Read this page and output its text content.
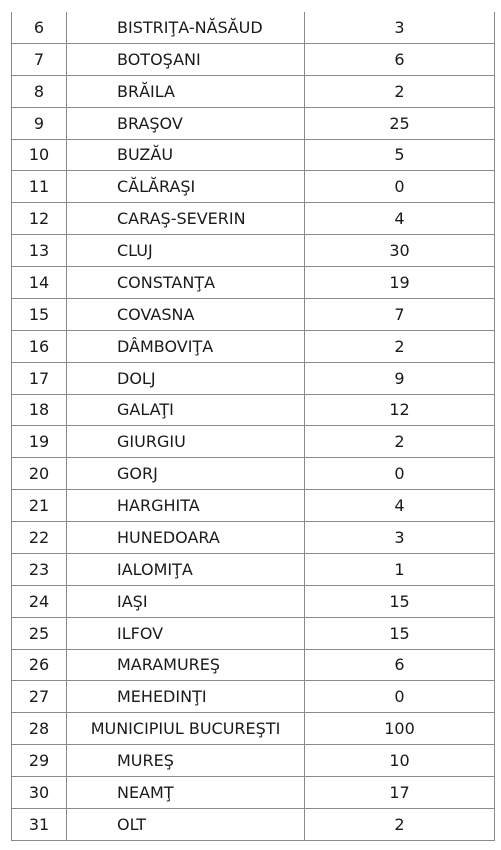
6	BISTRIŢA-NĂSĂUD	3
7	BOTOŞANI	6
8	BRĂILA	2
9	BRAŞOV	25
10	BUZĂU	5
11	CĂLĂRAŞI	0
12	CARAŞ-SEVERIN	4
13	CLUJ	30
14	CONSTANŢA	19
15	COVASNA	7
16	DÂMBOVIŢA	2
17	DOLJ	9
18	GALAŢI	12
19	GIURGIU	2
20	GORJ	0
21	HARGHITA	4
22	HUNEDOARA	3
23	IALOMIŢA	1
24	IAŞI	15
25	ILFOV	15
26	MARAMUREŞ	6
27	MEHEDINŢI	0
28	MUNICIPIUL BUCUREŞTI	100
29	MUREŞ	10
30	NEAMŢ	17
31	OLT	2
